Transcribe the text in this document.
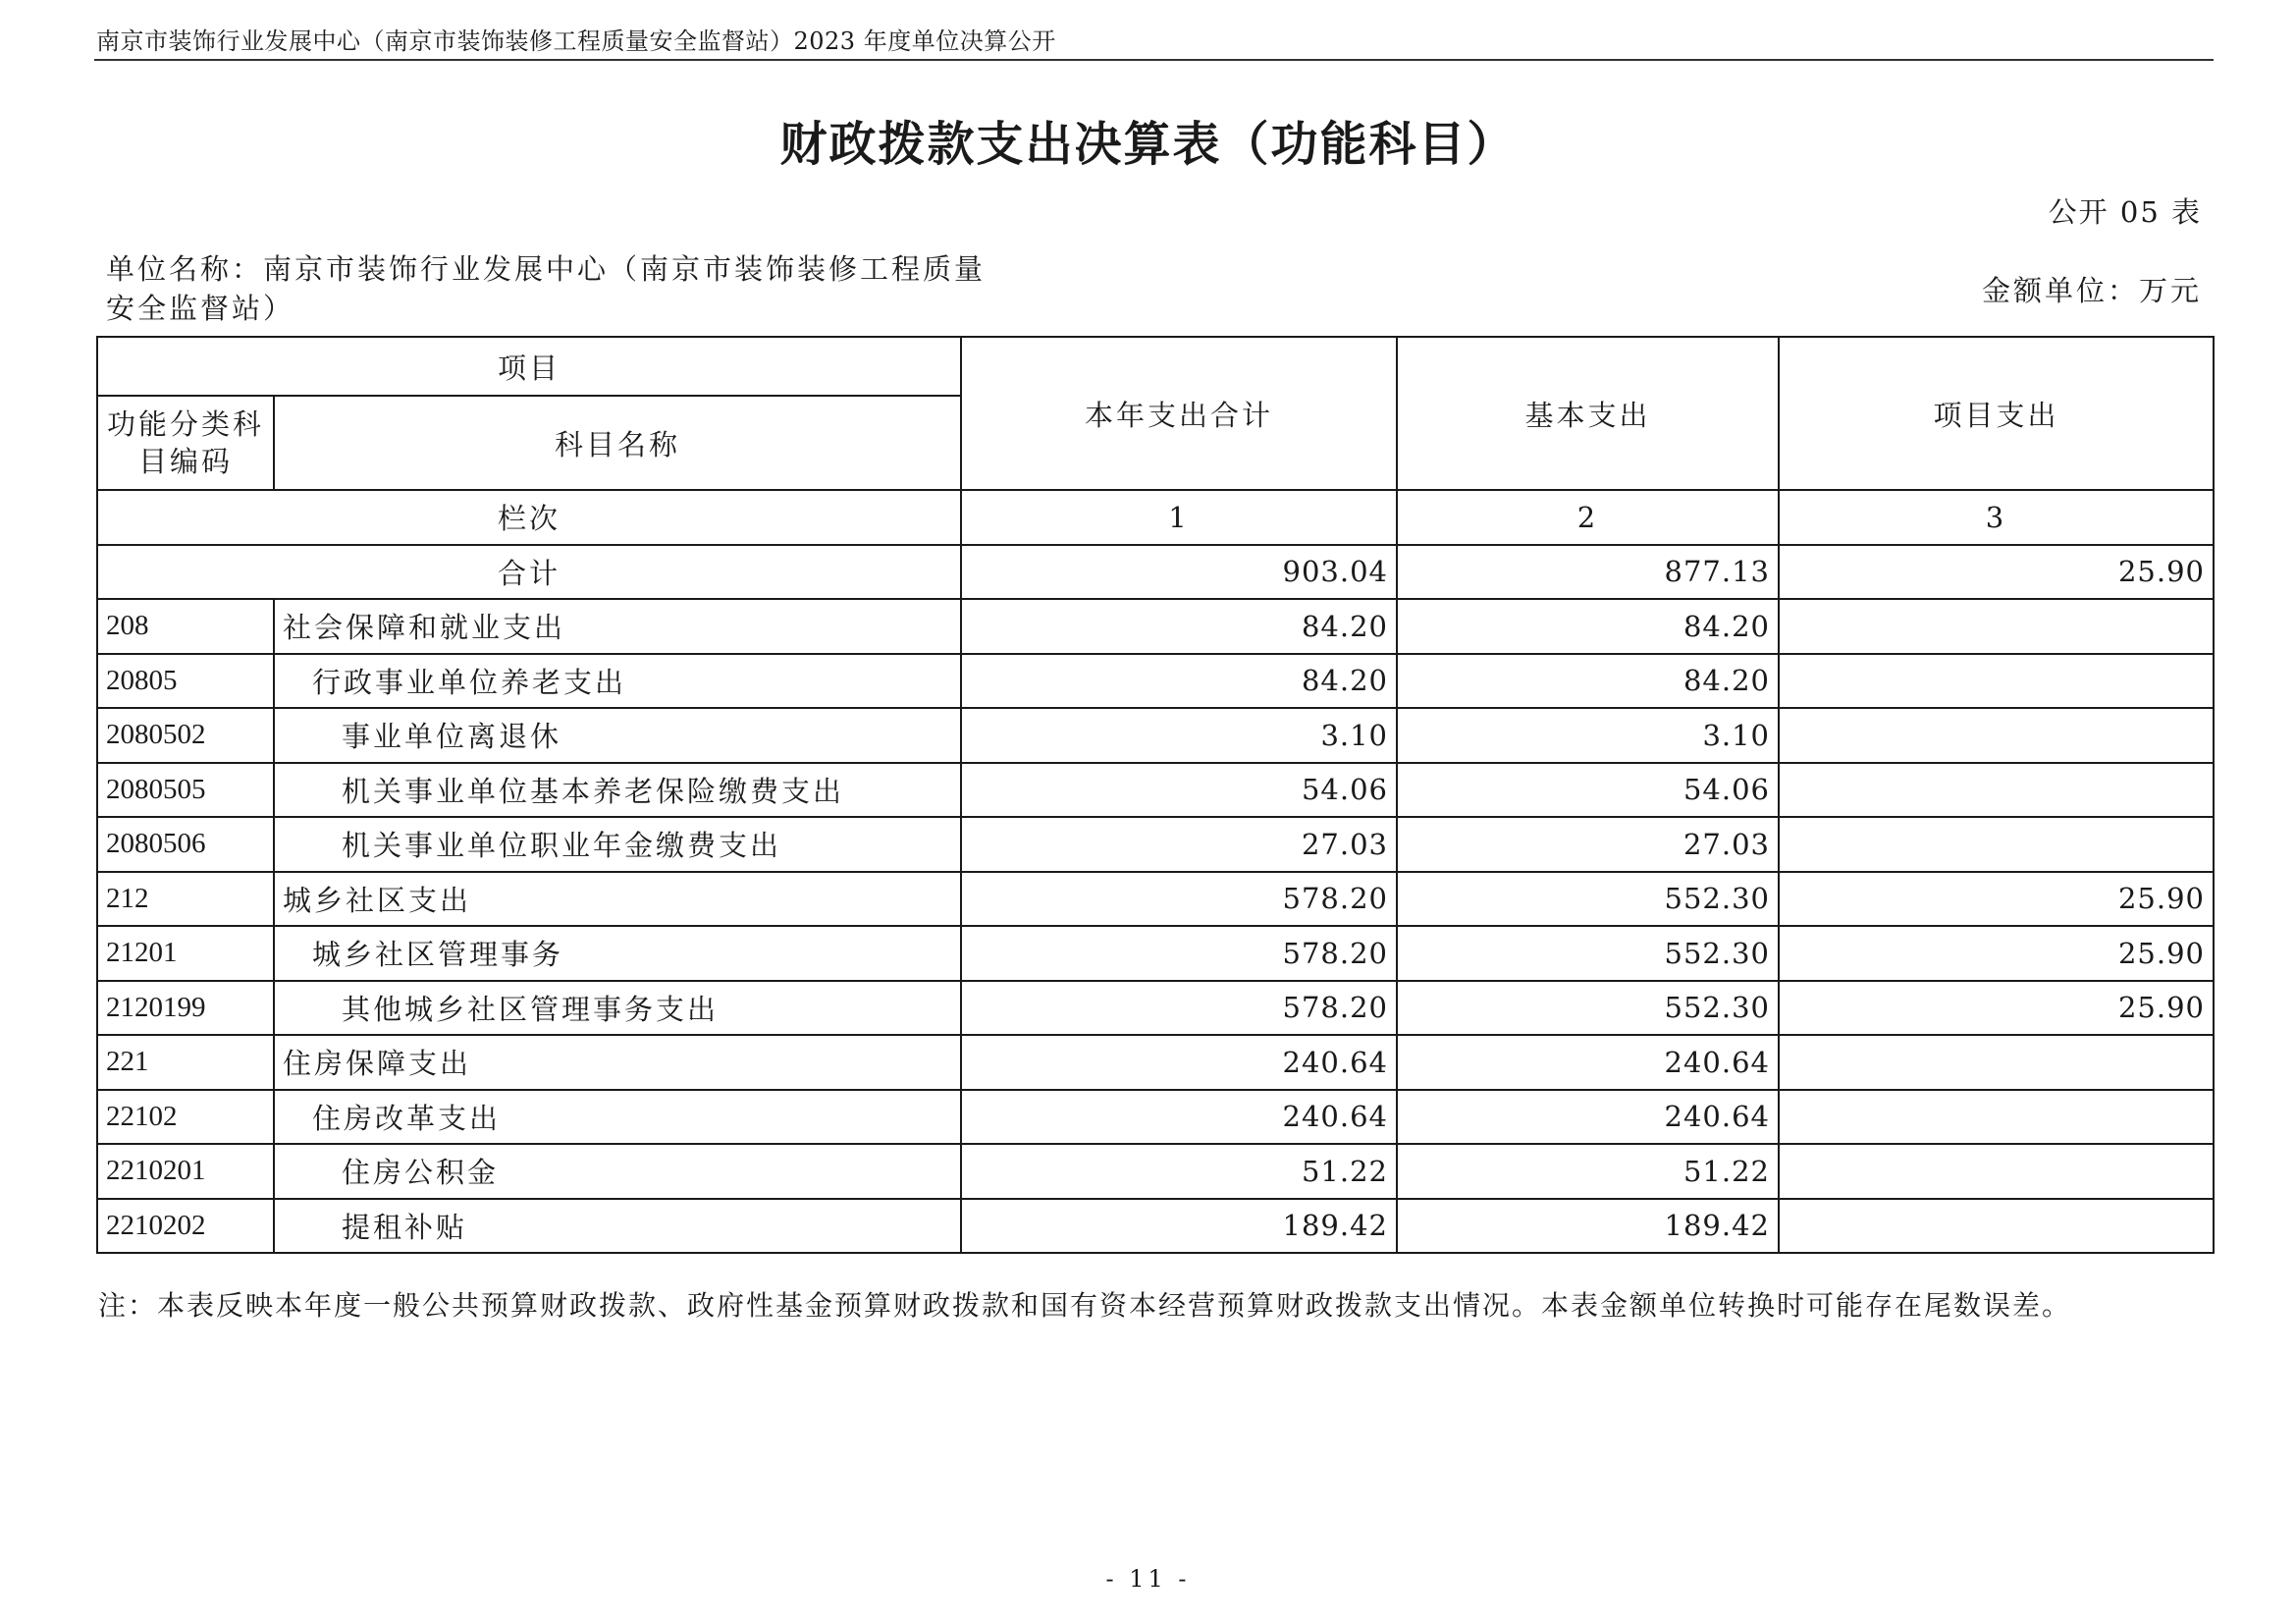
南京市装饰行业发展中心（南京市装饰装修工程质量安全监督站）2023 年度单位决算公开
财政拨款支出决算表（功能科目）
公开 05 表
单位名称：南京市装饰行业发展中心（南京市装饰装修工程质量安全监督站）
金额单位：万元
项目		本年支出合计	基本支出	项目支出
功能分类科目编码	科目名称			
栏次		1	2	3
合计		903.04	877.13	25.90
208	社会保障和就业支出	84.20	84.20	
20805	行政事业单位养老支出	84.20	84.20	
2080502	事业单位离退休	3.10	3.10	
2080505	机关事业单位基本养老保险缴费支出	54.06	54.06	
2080506	机关事业单位职业年金缴费支出	27.03	27.03	
212	城乡社区支出	578.20	552.30	25.90
21201	城乡社区管理事务	578.20	552.30	25.90
2120199	其他城乡社区管理事务支出	578.20	552.30	25.90
221	住房保障支出	240.64	240.64	
22102	住房改革支出	240.64	240.64	
2210201	住房公积金	51.22	51.22	
2210202	提租补贴	189.42	189.42	
注：本表反映本年度一般公共预算财政拨款、政府性基金预算财政拨款和国有资本经营预算财政拨款支出情况。本表金额单位转换时可能存在尾数误差。
- 11 -
